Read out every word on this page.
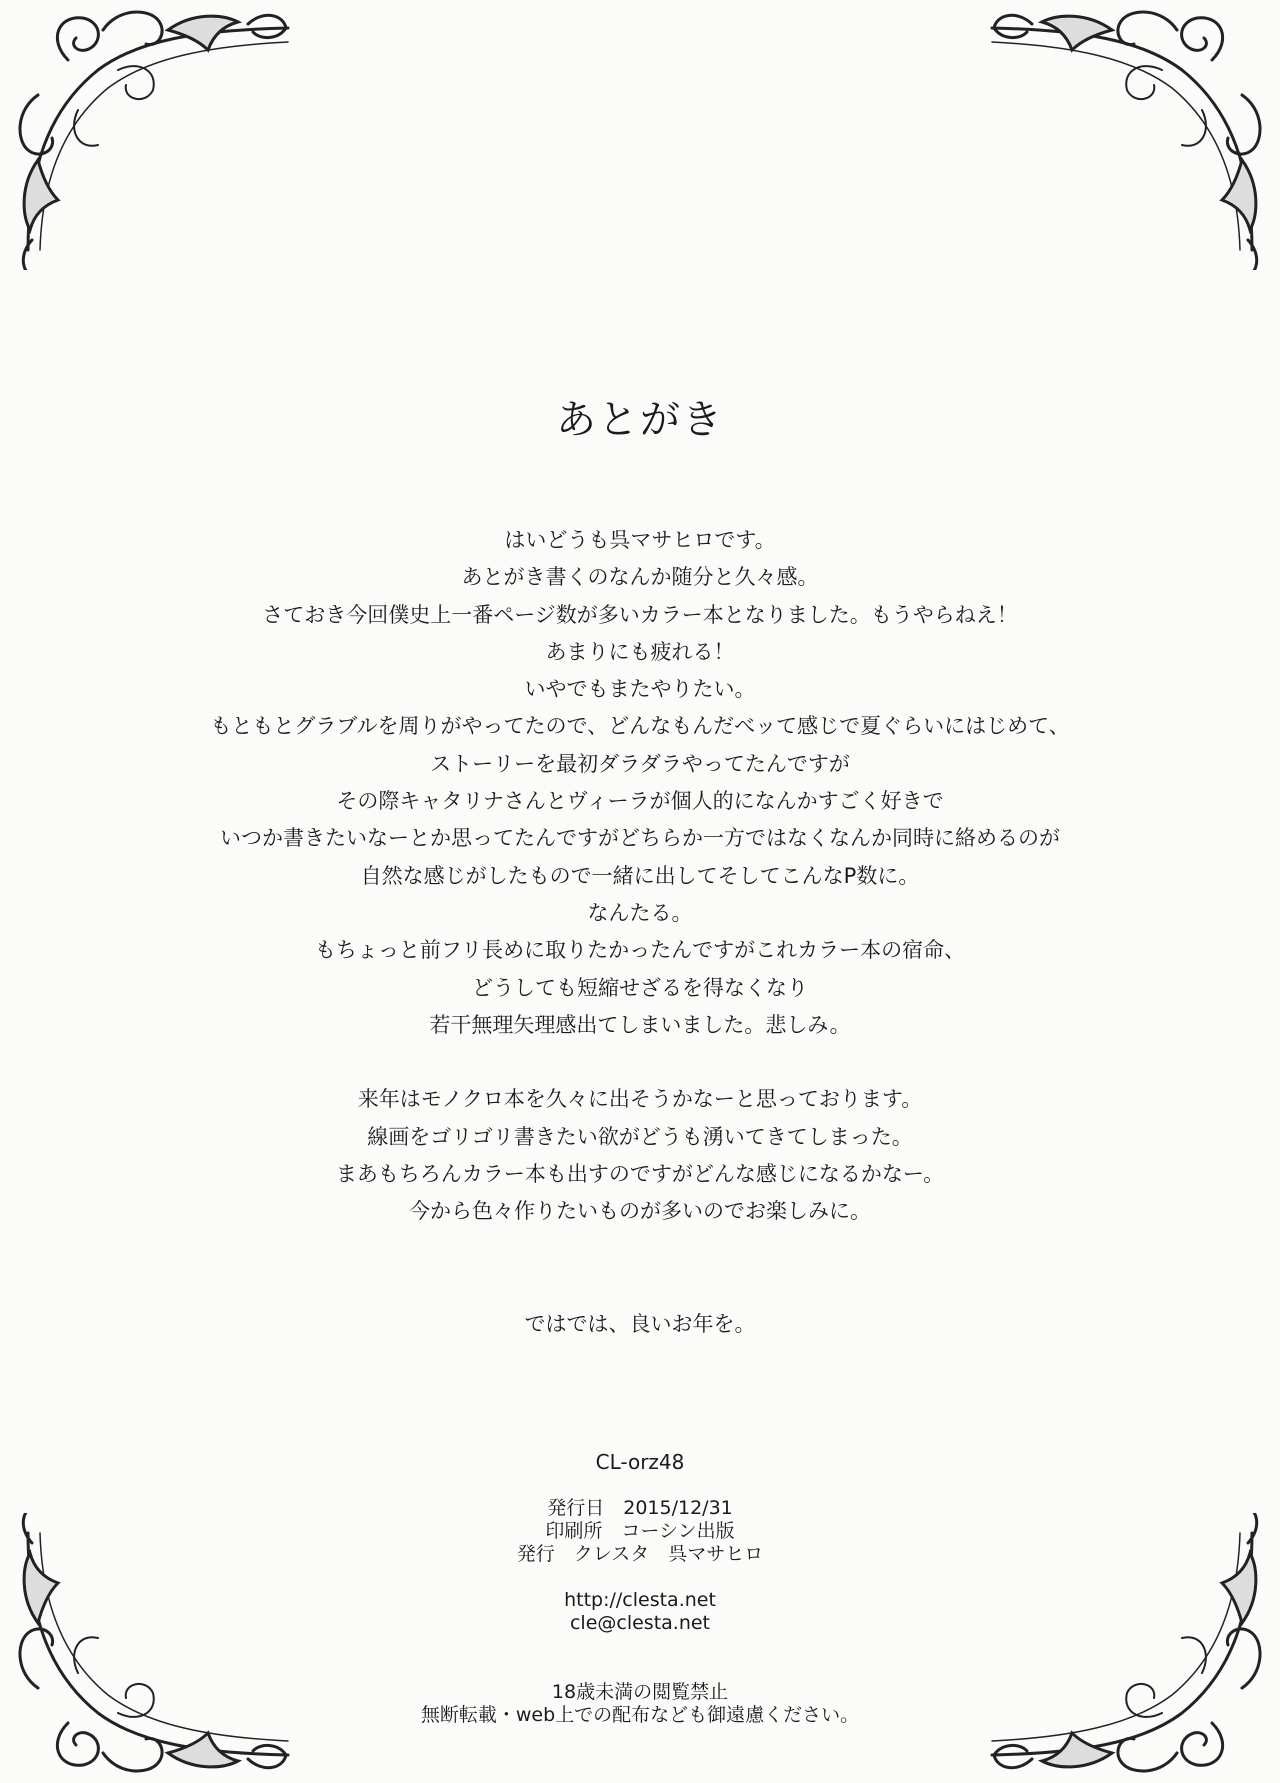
あとがき
はいどうも呉マサヒロです。
あとがき書くのなんか随分と久々感。
さておき今回僕史上一番ページ数が多いカラー本となりました。もうやらねえ！
あまりにも疲れる！
いやでもまたやりたい。
もともとグラブルを周りがやってたので、どんなもんだべッて感じで夏ぐらいにはじめて、
ストーリーを最初ダラダラやってたんですが
その際キャタリナさんとヴィーラが個人的になんかすごく好きで
いつか書きたいなーとか思ってたんですがどちらか一方ではなくなんか同時に絡めるのが
自然な感じがしたもので一緒に出してそしてこんなP数に。
なんたる。
もちょっと前フリ長めに取りたかったんですがこれカラー本の宿命、
どうしても短縮せざるを得なくなり
若干無理矢理感出てしまいました。悲しみ。
来年はモノクロ本を久々に出そうかなーと思っております。
線画をゴリゴリ書きたい欲がどうも湧いてきてしまった。
まあもちろんカラー本も出すのですがどんな感じになるかなー。
今から色々作りたいものが多いのでお楽しみに。
ではでは、良いお年を。
CL-orz48
発行日　2015/12/31
印刷所　コーシン出版
発行　クレスタ　呉マサヒロ
http://clesta.net
cle@clesta.net
18歳未満の閲覧禁止
無断転載・web上での配布なども御遠慮ください。
